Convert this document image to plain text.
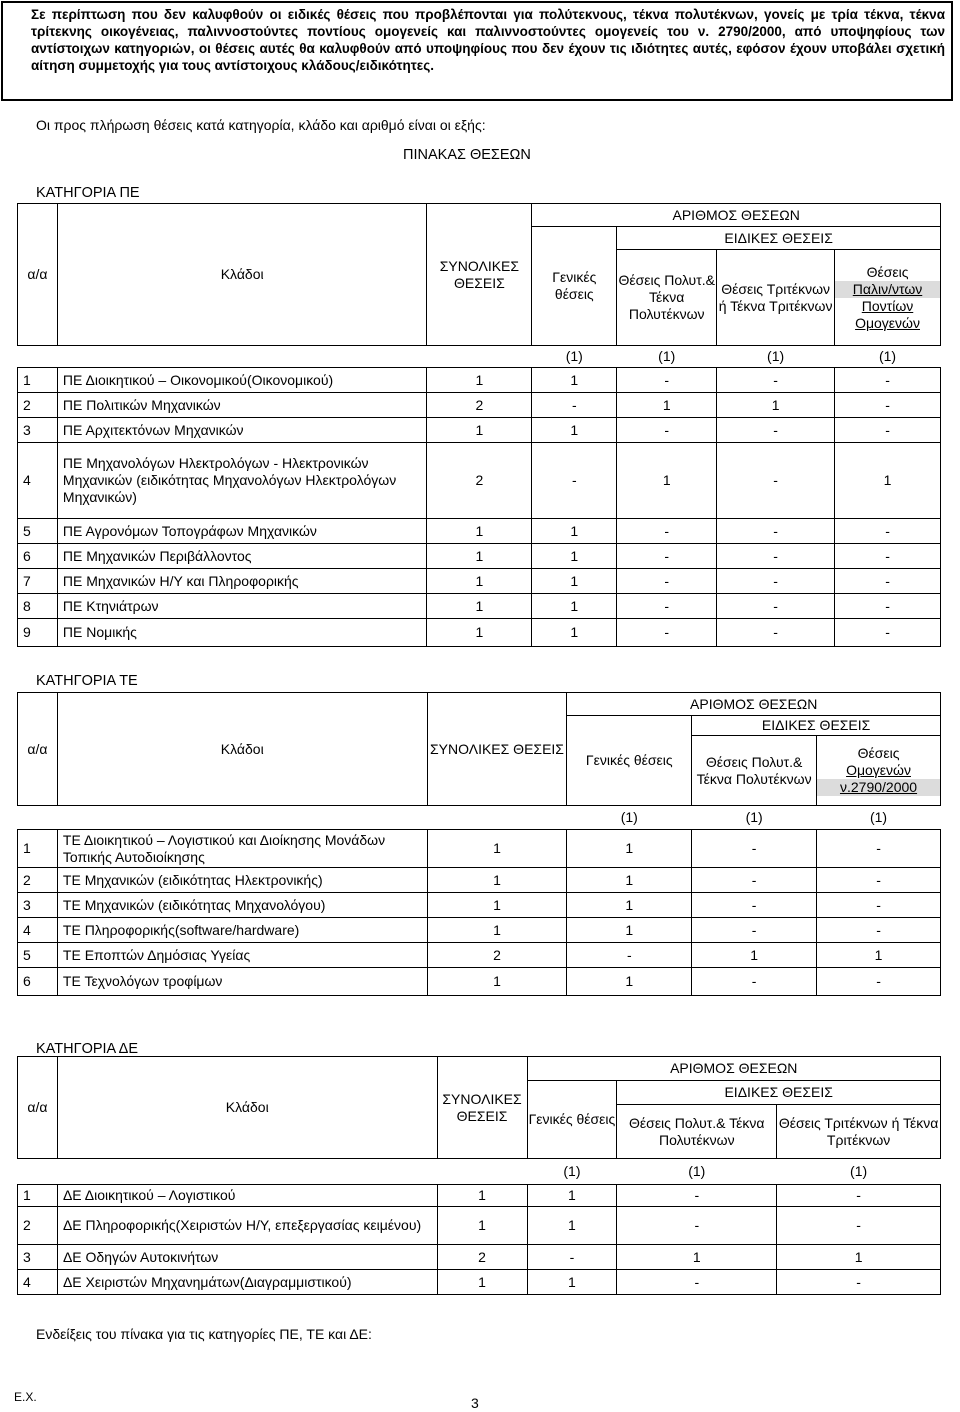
Σε περίπτωση που δεν καλυφθούν οι ειδικές θέσεις που προβλέπονται για πολύτεκνους, τέκνα πολυτέκνων, γονείς με τρία τέκνα, τέκνα τρίτεκνης οικογένειας, παλιννοστούντες ποντίους ομογενείς και παλιννοστούντες ομογενείς του ν. 2790/2000, από υποψηφίους των αντίστοιχων κατηγοριών, οι θέσεις αυτές θα καλυφθούν από υποψηφίους που δεν έχουν τις ιδιότητες αυτές, εφόσον έχουν υποβάλει σχετική αίτηση συμμετοχής για τους αντίστοιχους κλάδους/ειδικότητες.
Οι προς πλήρωση θέσεις κατά κατηγορία, κλάδο και αριθμό είναι οι εξής:
ΠΙΝΑΚΑΣ ΘΕΣΕΩΝ
ΚΑΤΗΓΟΡΙΑ ΠΕ
α/α	Κλάδοι	ΣΥΝΟΛΙΚΕΣ ΘΕΣΕΙΣ	ΑΡΙΘΜΟΣ ΘΕΣΕΩΝ			
			Γενικές θέσεις	ΕΙΔΙΚΕΣ ΘΕΣΕΙΣ		
				Θέσεις Πολυτ.& Τέκνα Πολυτέκνων	Θέσεις Τριτέκνων ή Τέκνα Τριτέκνων	Θέσεις
Παλιν/ντων
Ποντίων
Ομογενών

			(1)	(1)	(1)	(1)
1	ΠΕ Διοικητικού – Οικονομικού(Οικονομικού)	1	1	-	-	-
2	ΠΕ Πολιτικών Μηχανικών	2	-	1	1	-
3	ΠΕ Αρχιτεκτόνων Μηχανικών	1	1	-	-	-
4	ΠΕ Μηχανολόγων Ηλεκτρολόγων - Ηλεκτρονικών Μηχανικών (ειδικότητας Μηχανολόγων Ηλεκτρολόγων Μηχανικών)	2	-	1	-	1
5	ΠΕ Αγρονόμων Τοπογράφων Μηχανικών	1	1	-	-	-
6	ΠΕ Μηχανικών Περιβάλλοντος	1	1	-	-	-
7	ΠΕ Μηχανικών Η/Υ και Πληροφορικής	1	1	-	-	-
8	ΠΕ Κτηνιάτρων	1	1	-	-	-
9	ΠΕ Νομικής	1	1	-	-	-
ΚΑΤΗΓΟΡΙΑ ΤΕ
α/α	Κλάδοι	ΣΥΝΟΛΙΚΕΣ ΘΕΣΕΙΣ	ΑΡΙΘΜΟΣ ΘΕΣΕΩΝ		
			Γενικές θέσεις	ΕΙΔΙΚΕΣ ΘΕΣΕΙΣ	
				Θέσεις Πολυτ.& Τέκνα Πολυτέκνων	Θέσεις
Ομογενών
ν.2790/2000

			(1)	(1)	(1)
1	ΤΕ Διοικητικού – Λογιστικού και Διοίκησης Μονάδων Τοπικής Αυτοδιοίκησης	1	1	-	-
2	ΤΕ Μηχανικών (ειδικότητας Ηλεκτρονικής)	1	1	-	-
3	ΤΕ Μηχανικών (ειδικότητας Μηχανολόγου)	1	1	-	-
4	ΤΕ Πληροφορικής(software/hardware)	1	1	-	-
5	ΤΕ Εποπτών Δημόσιας Υγείας	2	-	1	1
6	ΤΕ Τεχνολόγων τροφίμων	1	1	-	-
ΚΑΤΗΓΟΡΙΑ ΔΕ
α/α	Κλάδοι	ΣΥΝΟΛΙΚΕΣ ΘΕΣΕΙΣ	ΑΡΙΘΜΟΣ ΘΕΣΕΩΝ		
			Γενικές θέσεις	ΕΙΔΙΚΕΣ ΘΕΣΕΙΣ	
				Θέσεις Πολυτ.& Τέκνα Πολυτέκνων	Θέσεις Τριτέκνων ή Τέκνα Τριτέκνων
			(1)	(1)	(1)
1	ΔΕ Διοικητικού – Λογιστικού	1	1	-	-
2	ΔΕ Πληροφορικής(Χειριστών Η/Υ, επεξεργασίας κειμένου)	1	1	-	-
3	ΔΕ Οδηγών Αυτοκινήτων	2	-	1	1
4	ΔΕ Χειριστών Μηχανημάτων(Διαγραμμιστικού)	1	1	-	-
Ενδείξεις του πίνακα για τις κατηγορίες ΠΕ, ΤΕ και ΔΕ:
Ε.Χ.	3
